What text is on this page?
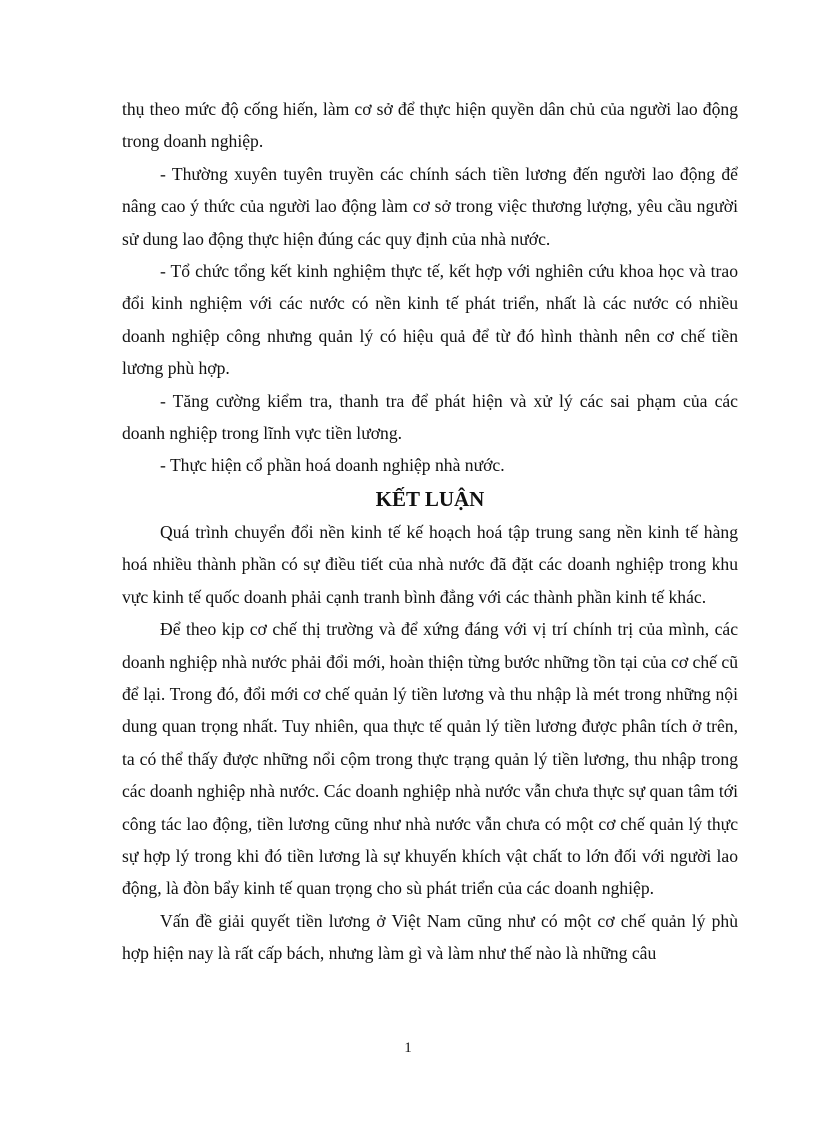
thụ theo mức độ cống hiến, làm cơ sở để thực hiện quyền dân chủ của người lao động trong doanh nghiệp.

- Thường xuyên tuyên truyền các chính sách tiền lương đến người lao động để nâng cao ý thức của người lao động làm cơ sở trong việc thương lượng, yêu cầu người sử dung lao động thực hiện đúng các quy định của nhà nước.

- Tổ chức tổng kết kinh nghiệm thực tế, kết hợp với nghiên cứu khoa học và trao đổi kinh nghiệm với các nước có nền kinh tế phát triển, nhất là các nước có nhiều doanh nghiệp công nhưng quản lý có hiệu quả để từ đó hình thành nên cơ chế tiền lương phù hợp.

- Tăng cường kiểm tra, thanh tra để phát hiện và xử lý các sai phạm của các doanh nghiệp trong lĩnh vực tiền lương.

- Thực hiện cổ phần hoá doanh nghiệp nhà nước.

KẾT LUẬN

Quá trình chuyển đổi nền kinh tế kế hoạch hoá tập trung sang nền kinh tế hàng hoá nhiều thành phần có sự điều tiết của nhà nước đã đặt các doanh nghiệp trong khu vực kinh tế quốc doanh phải cạnh tranh bình đẳng với các thành phần kinh tế khác.

Để theo kịp cơ chế thị trường và để xứng đáng với vị trí chính trị của mình, các doanh nghiệp nhà nước phải đổi mới, hoàn thiện từng bước những tồn tại của cơ chế cũ để lại. Trong đó, đổi mới cơ chế quản lý tiền lương và thu nhập là mét trong những nội dung quan trọng nhất. Tuy nhiên, qua thực tế quản lý tiền lương được phân tích ở trên, ta có thể thấy được những nổi cộm trong thực trạng quản lý tiền lương, thu nhập trong các doanh nghiệp nhà nước. Các doanh nghiệp nhà nước vẫn chưa thực sự quan tâm tới công tác lao động, tiền lương cũng như nhà nước vẫn chưa có một cơ chế quản lý thực sự hợp lý trong khi đó tiền lương là sự khuyến khích vật chất to lớn đối với người lao động, là đòn bẩy kinh tế quan trọng cho sù phát triển của các doanh nghiệp.

Vấn đề giải quyết tiền lương ở Việt Nam cũng như có một cơ chế quản lý phù hợp hiện nay là rất cấp bách, nhưng làm gì và làm như thế nào là những câu

1
